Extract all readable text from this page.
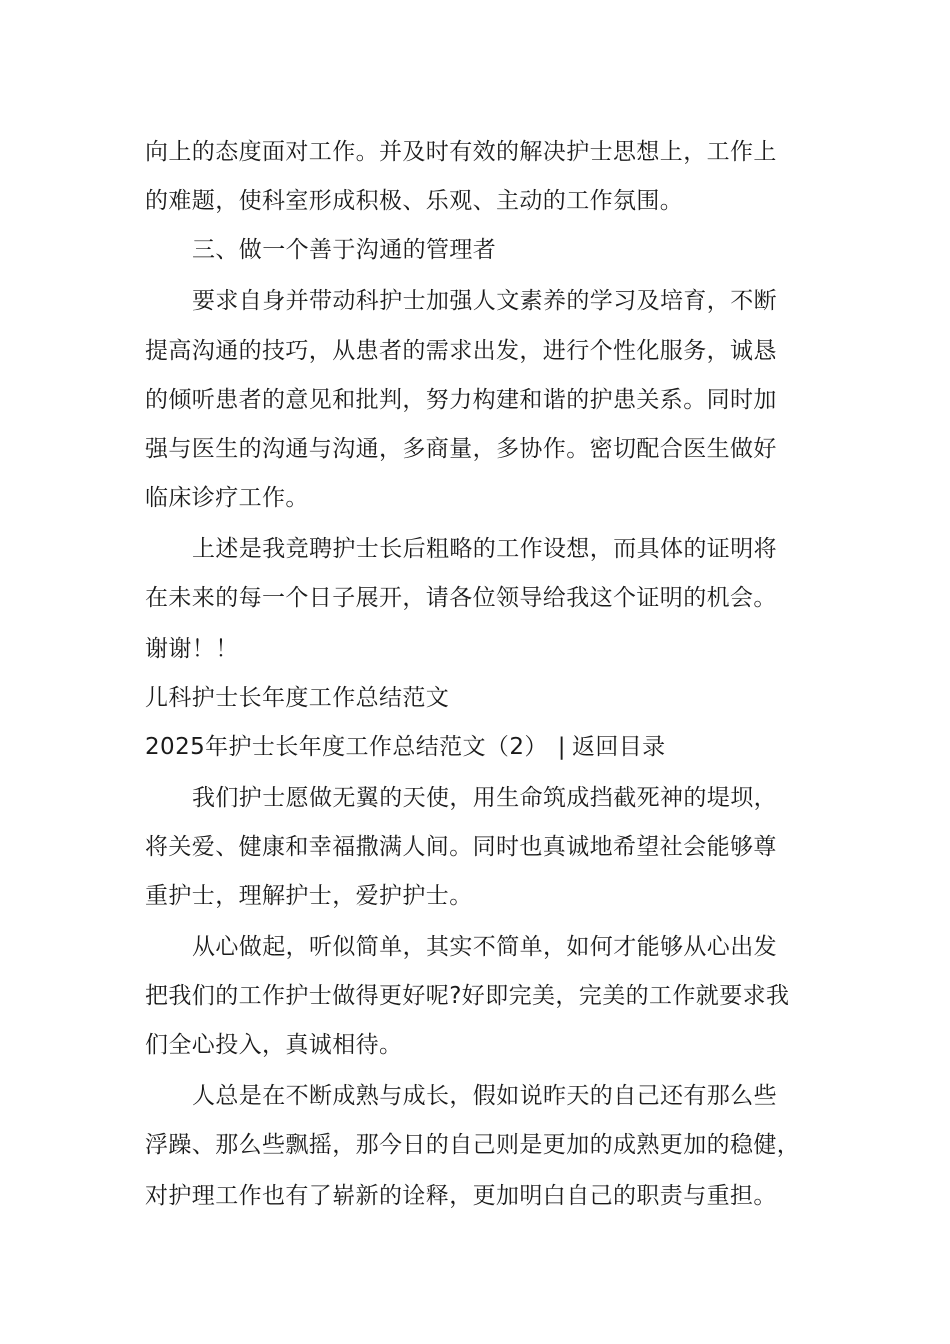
向上的态度面对工作。并及时有效的解决护士思想上，工作上

的难题，使科室形成积极、乐观、主动的工作氛围。

三、做一个善于沟通的管理者

要求自身并带动科护士加强人文素养的学习及培育，不断

提高沟通的技巧，从患者的需求出发，进行个性化服务，诚恳

的倾听患者的意见和批判，努力构建和谐的护患关系。同时加

强与医生的沟通与沟通，多商量，多协作。密切配合医生做好

临床诊疗工作。

上述是我竞聘护士长后粗略的工作设想，而具体的证明将

在未来的每一个日子展开，请各位领导给我这个证明的机会。

谢谢！！

儿科护士长年度工作总结范文

2025年护士长年度工作总结范文（2） | 返回目录

我们护士愿做无翼的天使，用生命筑成挡截死神的堤坝，

将关爱、健康和幸福撒满人间。同时也真诚地希望社会能够尊

重护士，理解护士，爱护护士。

从心做起，听似简单，其实不简单，如何才能够从心出发

把我们的工作护士做得更好呢?好即完美，完美的工作就要求我

们全心投入，真诚相待。

人总是在不断成熟与成长，假如说昨天的自己还有那么些

浮躁、那么些飘摇，那今日的自己则是更加的成熟更加的稳健，

对护理工作也有了崭新的诠释，更加明白自己的职责与重担。
